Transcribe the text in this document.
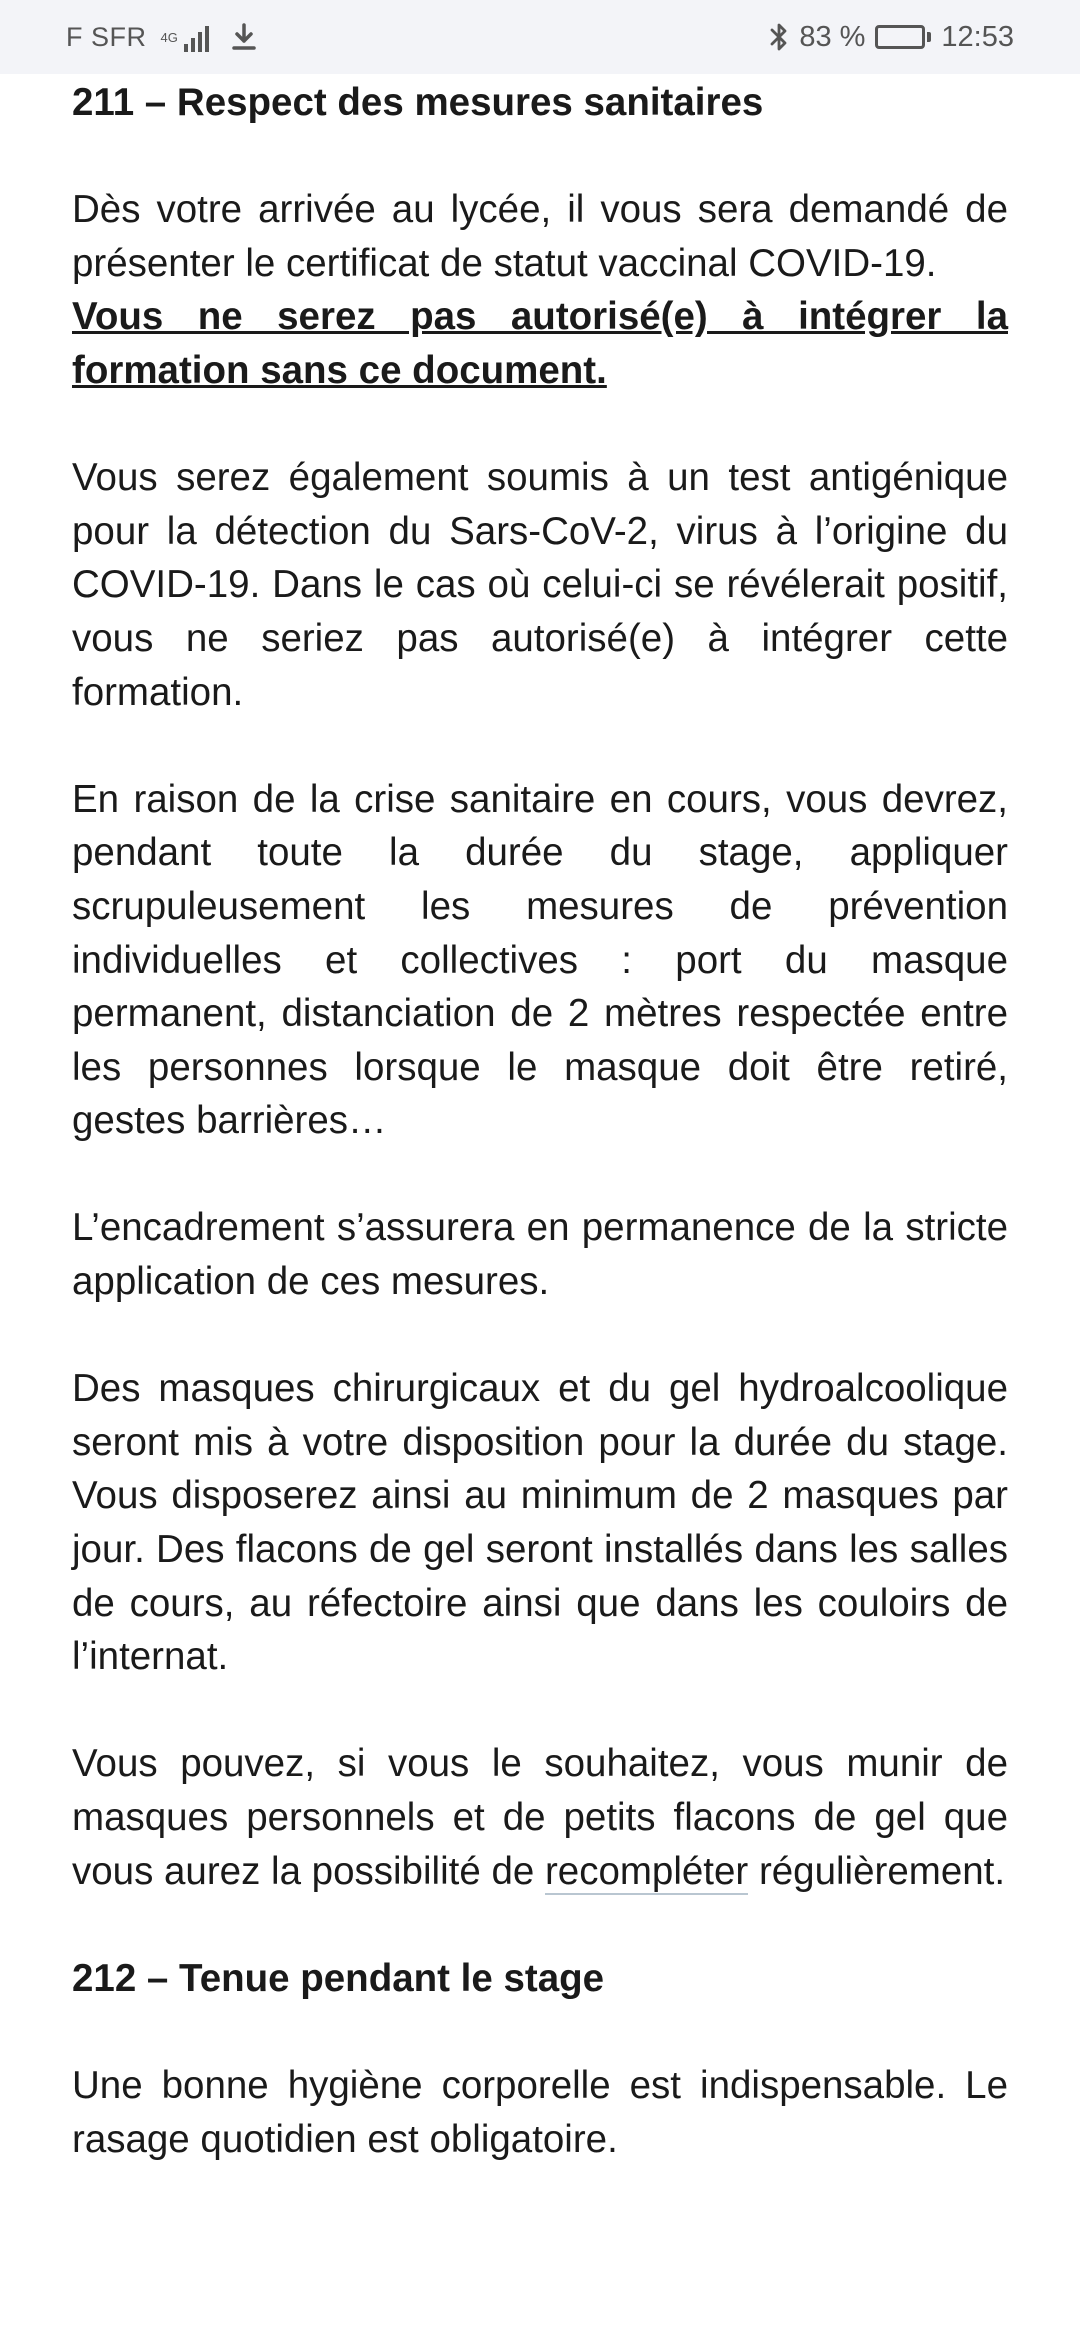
F SFR 4G	83 %	12:53
211 – Respect des mesures sanitaires

Dès votre arrivée au lycée, il vous sera demandé de présenter le certificat de statut vaccinal COVID-19.
Vous ne serez pas autorisé(e) à intégrer la formation sans ce document.

Vous serez également soumis à un test antigénique pour la détection du Sars-CoV-2, virus à l’origine du COVID-19. Dans le cas où celui-ci se révélerait positif, vous ne seriez pas autorisé(e) à intégrer cette formation.

En raison de la crise sanitaire en cours, vous devrez, pendant toute la durée du stage, appliquer scrupuleusement les mesures de prévention individuelles et collectives : port du masque permanent, distanciation de 2 mètres respectée entre les personnes lorsque le masque doit être retiré, gestes barrières…

L’encadrement s’assurera en permanence de la stricte application de ces mesures.

Des masques chirurgicaux et du gel hydroalcoolique seront mis à votre disposition pour la durée du stage. Vous disposerez ainsi au minimum de 2 masques par jour. Des flacons de gel seront installés dans les salles de cours, au réfectoire ainsi que dans les couloirs de l’internat.

Vous pouvez, si vous le souhaitez, vous munir de masques personnels et de petits flacons de gel que vous aurez la possibilité de recompléter régulièrement.

212 – Tenue pendant le stage

Une bonne hygiène corporelle est indispensable. Le rasage quotidien est obligatoire.
